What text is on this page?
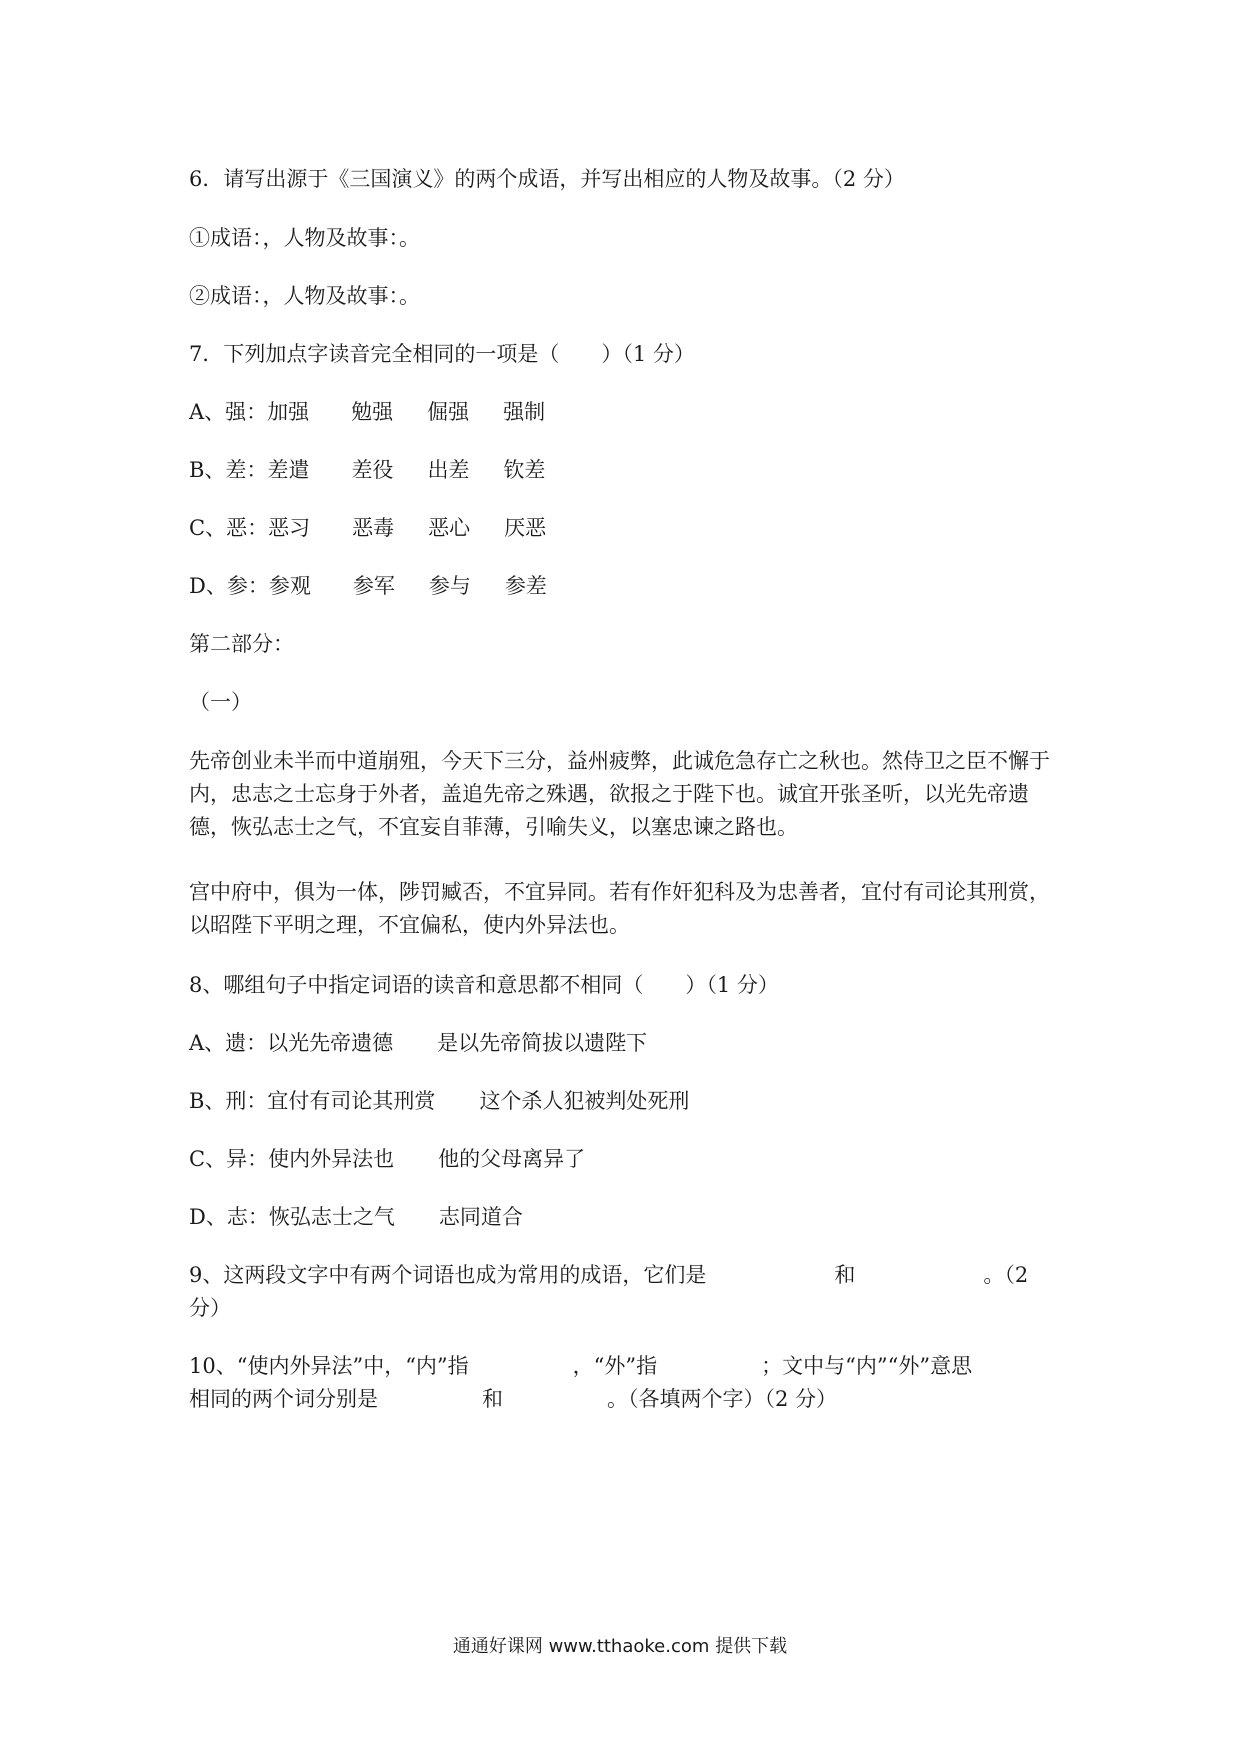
6．请写出源于《三国演义》的两个成语，并写出相应的人物及故事。（2 分）
①成语：，人物及故事：。
②成语：，人物及故事：。
7．下列加点字读音完全相同的一项是（　　）（1 分）
A、强：加强 勉强 倔强 强制
B、差：差遣 差役 出差 钦差
C、恶：恶习 恶毒 恶心 厌恶
D、参：参观 参军 参与 参差
第二部分：
（一）
先帝创业未半而中道崩殂，今天下三分，益州疲弊，此诚危急存亡之秋也。然侍卫之臣不懈于内，忠志之士忘身于外者，盖追先帝之殊遇，欲报之于陛下也。诚宜开张圣听，以光先帝遗德，恢弘志士之气，不宜妄自菲薄，引喻失义，以塞忠谏之路也。
宫中府中，俱为一体，陟罚臧否，不宜异同。若有作奸犯科及为忠善者，宜付有司论其刑赏，以昭陛下平明之理，不宜偏私，使内外异法也。
8、哪组句子中指定词语的读音和意思都不相同（　　）（1 分）
A、遗：以光先帝遗德 是以先帝简拔以遗陛下
B、刑：宜付有司论其刑赏 这个杀人犯被判处死刑
C、异：使内外异法也 他的父母离异了
D、志：恢弘志士之气 志同道合
9、这两段文字中有两个词语也成为常用的成语，它们是	和	。（2
分）
10、“使内外异法”中，“内”指	，“外”指	；文中与“内”“外”意思
相同的两个词分别是	和	。（各填两个字）（2 分）
通通好课网 www.tthaoke.com 提供下载
